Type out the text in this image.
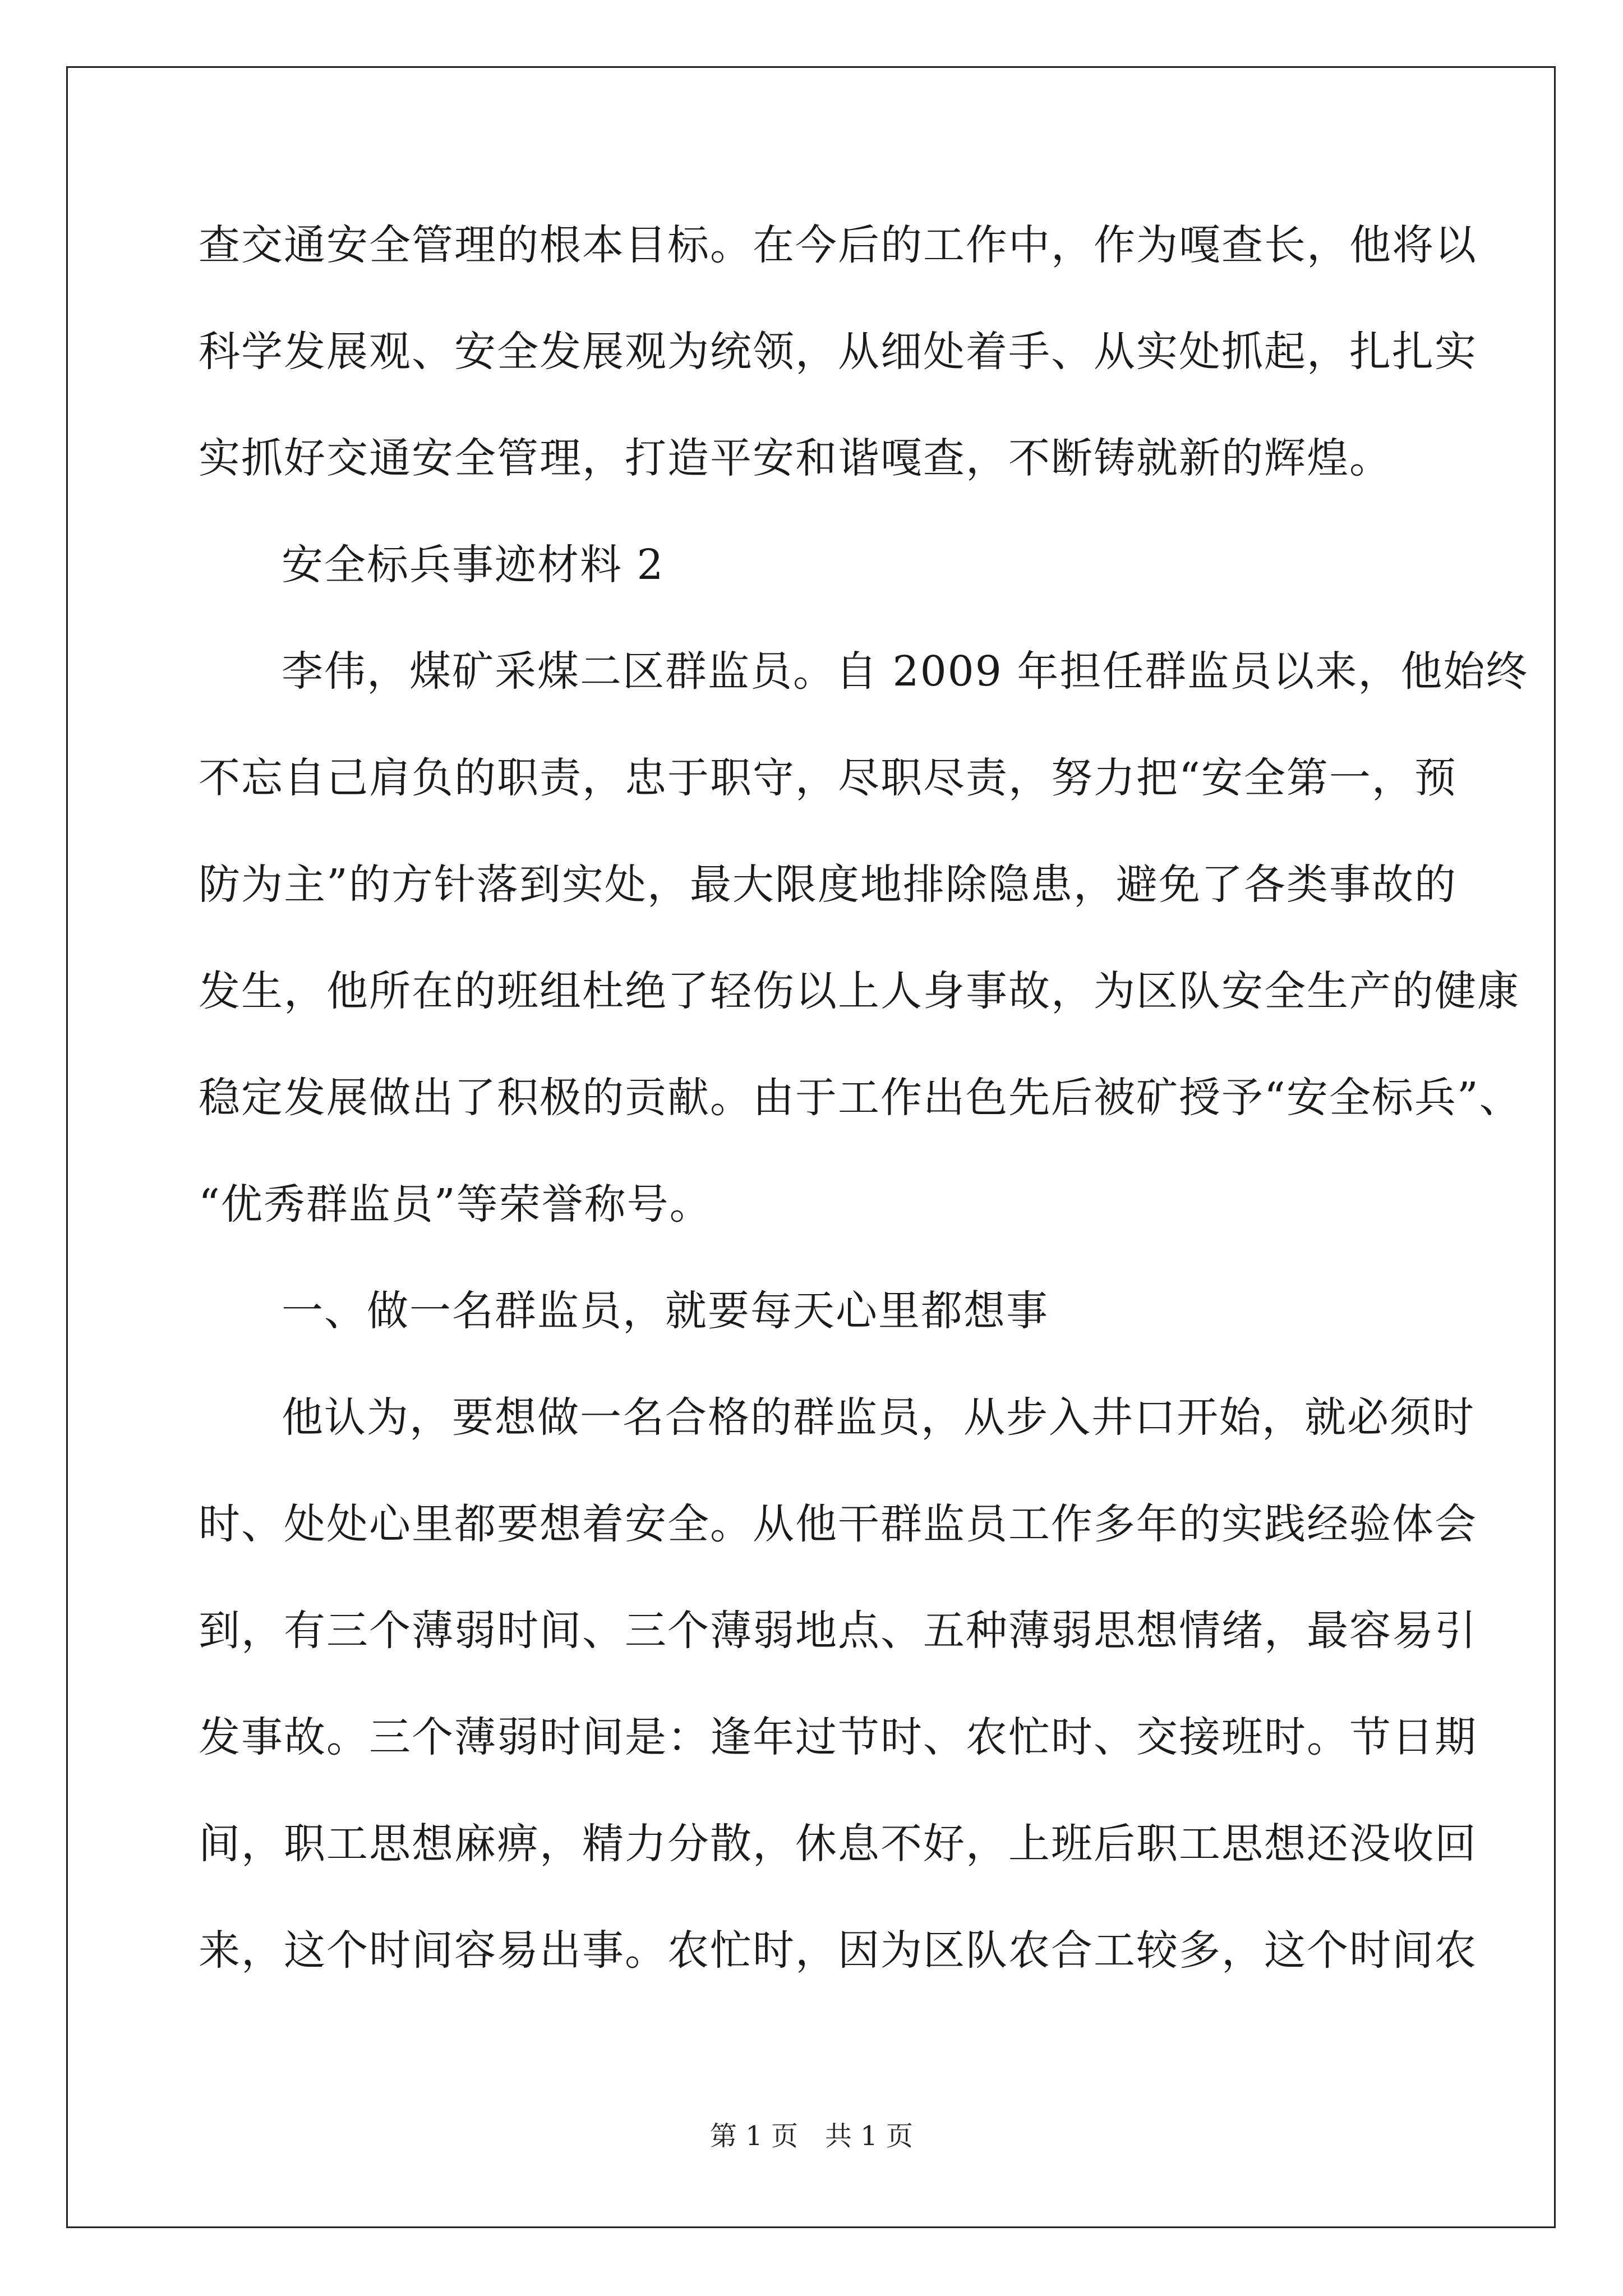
查交通安全管理的根本目标。在今后的工作中，作为嘎查长，他将以
科学发展观、安全发展观为统领，从细处着手、从实处抓起，扎扎实
实抓好交通安全管理，打造平安和谐嘎查，不断铸就新的辉煌。
安全标兵事迹材料 2
李伟，煤矿采煤二区群监员。自 2009 年担任群监员以来，他始终
不忘自己肩负的职责，忠于职守，尽职尽责，努力把“安全第一，预
防为主”的方针落到实处，最大限度地排除隐患，避免了各类事故的
发生，他所在的班组杜绝了轻伤以上人身事故，为区队安全生产的健康
稳定发展做出了积极的贡献。由于工作出色先后被矿授予“安全标兵”、
“优秀群监员”等荣誉称号。
一、做一名群监员，就要每天心里都想事
他认为，要想做一名合格的群监员，从步入井口开始，就必须时
时、处处心里都要想着安全。从他干群监员工作多年的实践经验体会
到，有三个薄弱时间、三个薄弱地点、五种薄弱思想情绪，最容易引
发事故。三个薄弱时间是：逢年过节时、农忙时、交接班时。节日期
间，职工思想麻痹，精力分散，休息不好，上班后职工思想还没收回
来，这个时间容易出事。农忙时，因为区队农合工较多，这个时间农
第 1 页　共 1 页
